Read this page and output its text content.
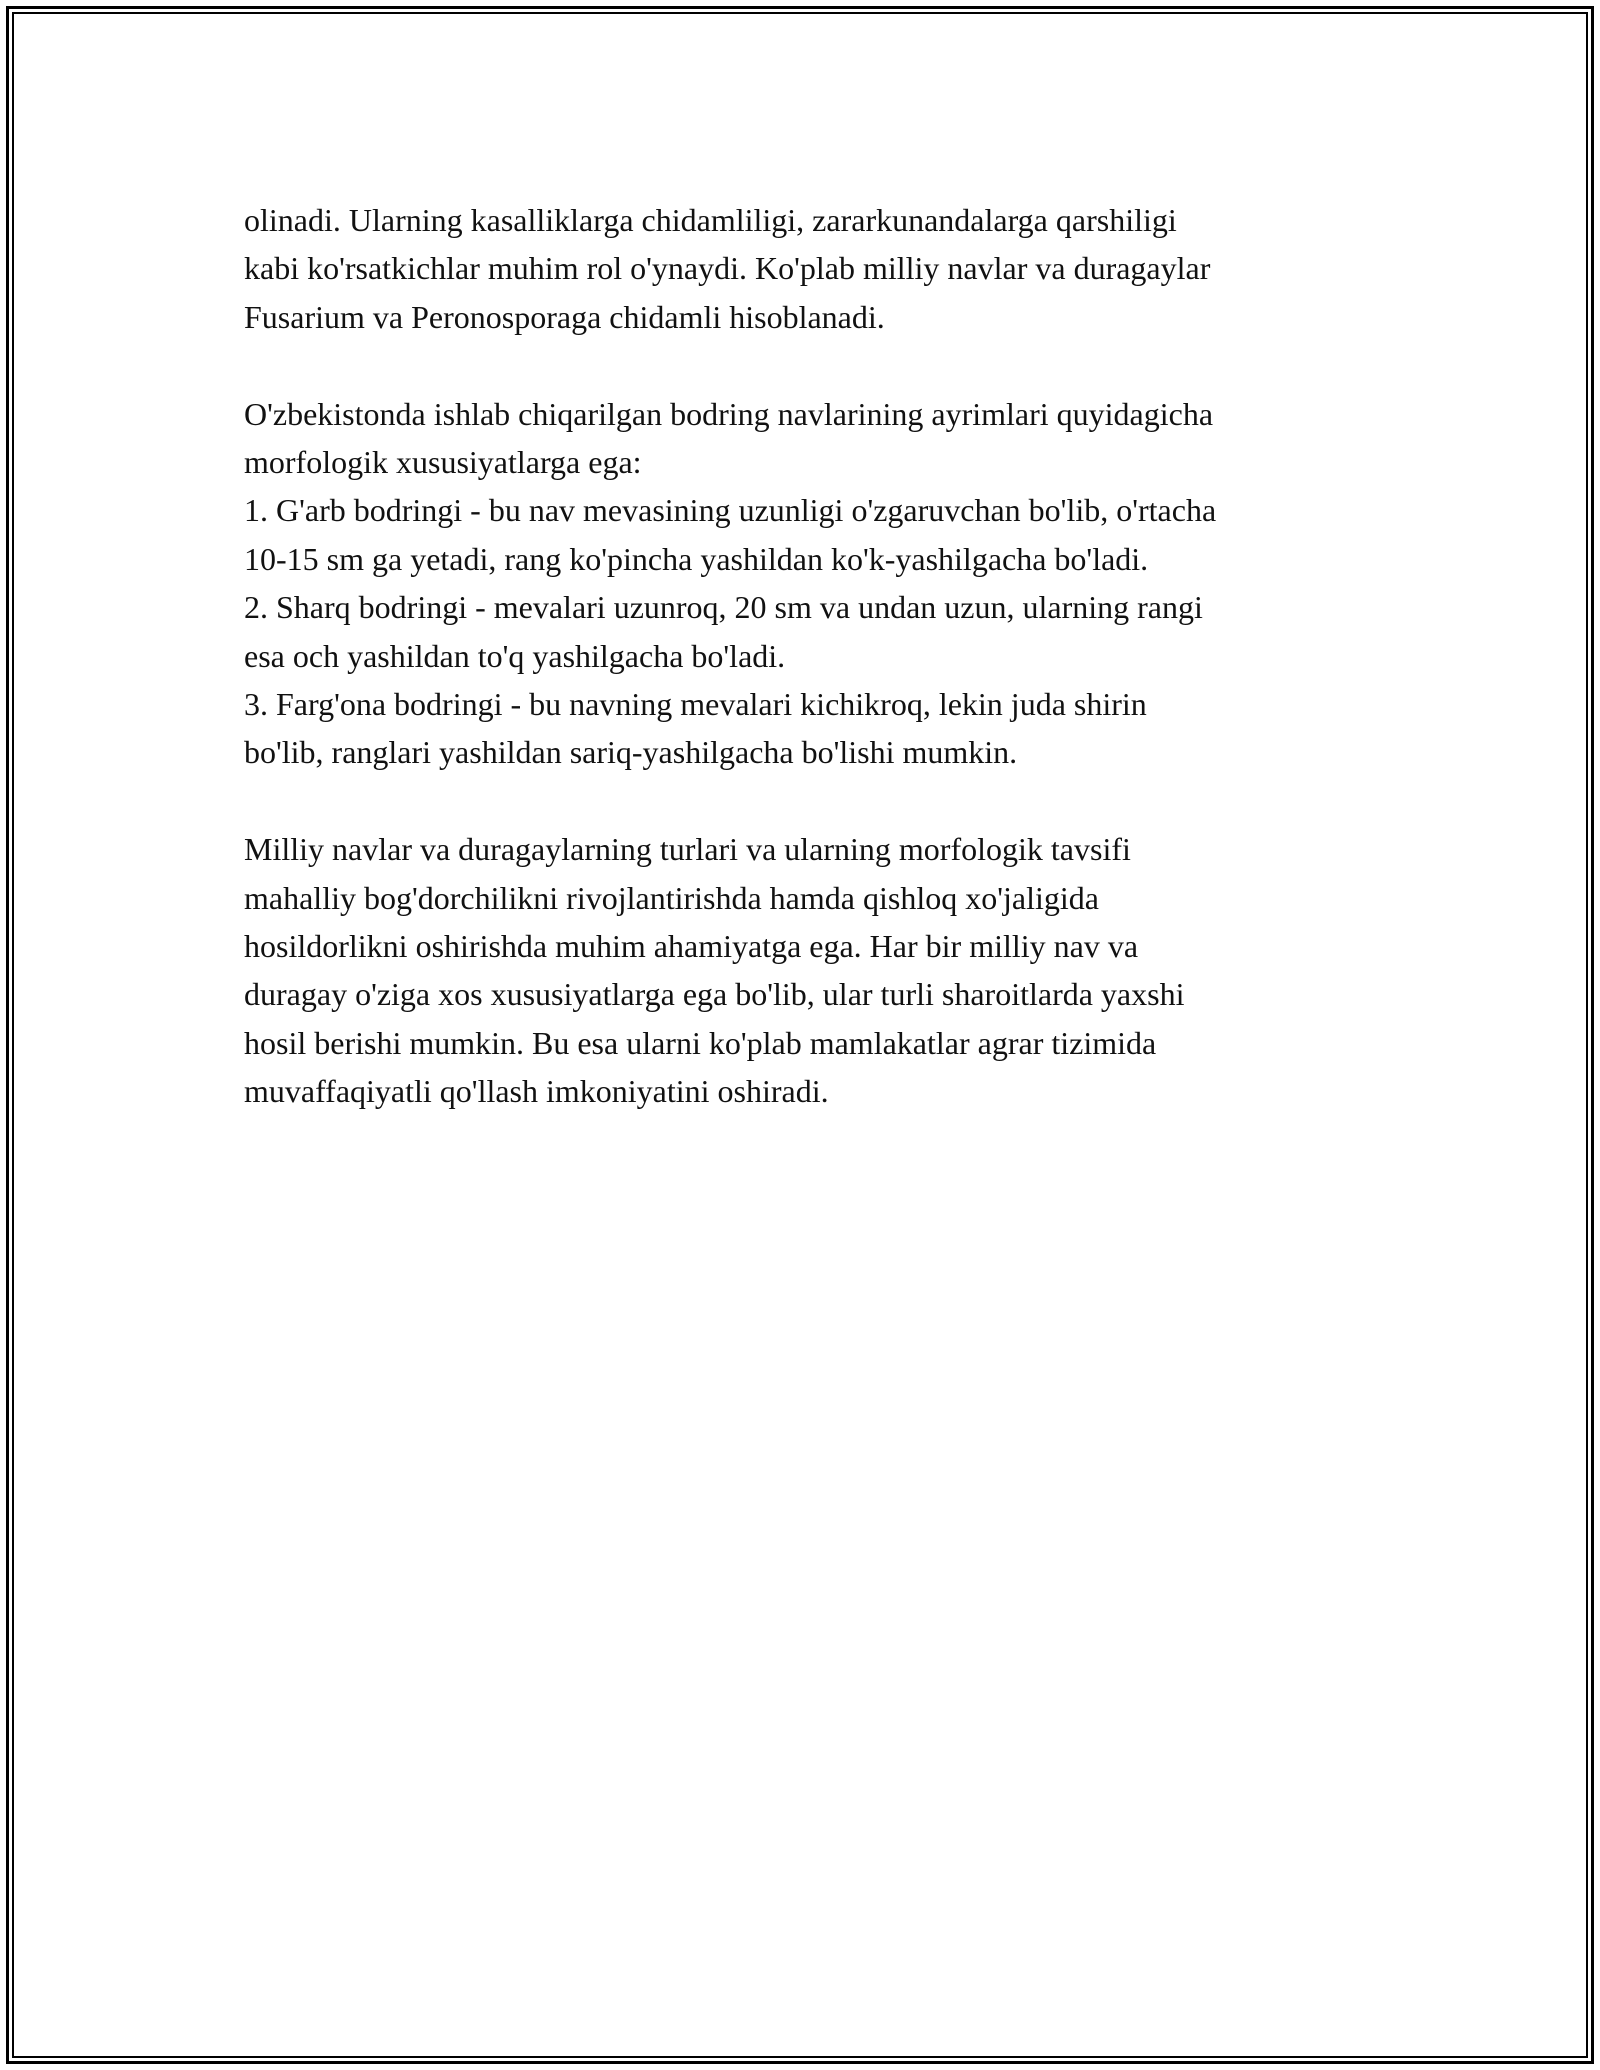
olinadi. Ularning kasalliklarga chidamliligi, zararkunandalarga qarshiligi
kabi ko'rsatkichlar muhim rol o'ynaydi. Ko'plab milliy navlar va duragaylar
Fusarium va Peronosporaga chidamli hisoblanadi.
O'zbekistonda ishlab chiqarilgan bodring navlarining ayrimlari quyidagicha
morfologik xususiyatlarga ega:
1. G'arb bodringi - bu nav mevasining uzunligi o'zgaruvchan bo'lib, o'rtacha
10-15 sm ga yetadi, rang ko'pincha yashildan ko'k-yashilgacha bo'ladi.
2. Sharq bodringi - mevalari uzunroq, 20 sm va undan uzun, ularning rangi
esa och yashildan to'q yashilgacha bo'ladi.
3. Farg'ona bodringi - bu navning mevalari kichikroq, lekin juda shirin
bo'lib, ranglari yashildan sariq-yashilgacha bo'lishi mumkin.
Milliy navlar va duragaylarning turlari va ularning morfologik tavsifi
mahalliy bog'dorchilikni rivojlantirishda hamda qishloq xo'jaligida
hosildorlikni oshirishda muhim ahamiyatga ega. Har bir milliy nav va
duragay o'ziga xos xususiyatlarga ega bo'lib, ular turli sharoitlarda yaxshi
hosil berishi mumkin. Bu esa ularni ko'plab mamlakatlar agrar tizimida
muvaffaqiyatli qo'llash imkoniyatini oshiradi.
